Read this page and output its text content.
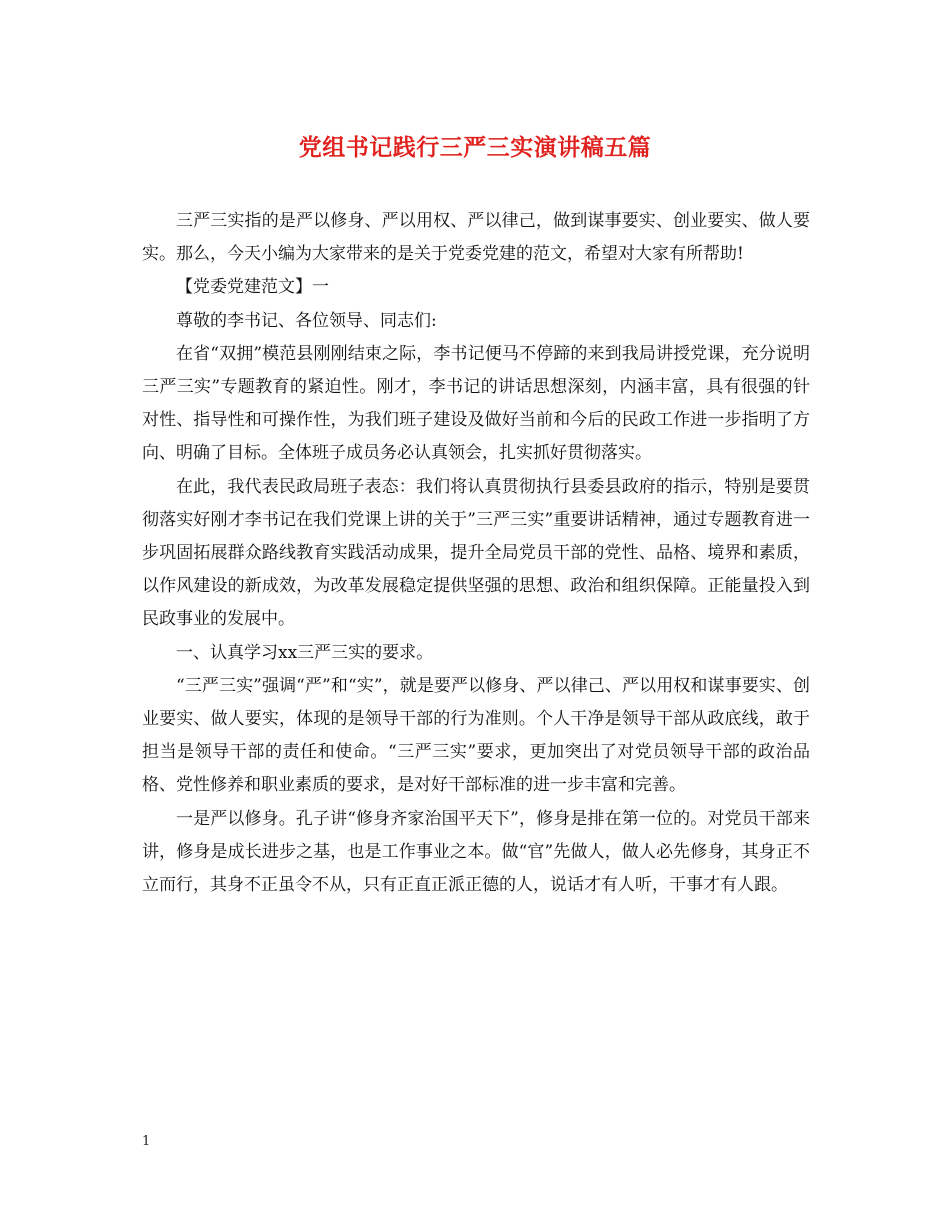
党组书记践行三严三实演讲稿五篇

三严三实指的是严以修身、严以用权、严以律己，做到谋事要实、创业要实、做人要实。那么，今天小编为大家带来的是关于党委党建的范文，希望对大家有所帮助!

【党委党建范文】一

尊敬的李书记、各位领导、同志们:

在省“双拥”模范县刚刚结束之际，李书记便马不停蹄的来到我局讲授党课，充分说明三严三实”专题教育的紧迫性。刚才，李书记的讲话思想深刻，内涵丰富，具有很强的针对性、指导性和可操作性，为我们班子建设及做好当前和今后的民政工作进一步指明了方向、明确了目标。全体班子成员务必认真领会，扎实抓好贯彻落实。

在此，我代表民政局班子表态：我们将认真贯彻执行县委县政府的指示，特别是要贯彻落实好刚才李书记在我们党课上讲的关于”三严三实”重要讲话精神，通过专题教育进一步巩固拓展群众路线教育实践活动成果，提升全局党员干部的党性、品格、境界和素质，以作风建设的新成效，为改革发展稳定提供坚强的思想、政治和组织保障。正能量投入到民政事业的发展中。

一、认真学习xx三严三实的要求。

“三严三实”强调“严”和“实”，就是要严以修身、严以律己、严以用权和谋事要实、创业要实、做人要实，体现的是领导干部的行为准则。个人干净是领导干部从政底线，敢于担当是领导干部的责任和使命。“三严三实”要求，更加突出了对党员领导干部的政治品格、党性修养和职业素质的要求，是对好干部标准的进一步丰富和完善。

一是严以修身。孔子讲“修身齐家治国平天下”，修身是排在第一位的。对党员干部来讲，修身是成长进步之基，也是工作事业之本。做“官”先做人，做人必先修身，其身正不立而行，其身不正虽令不从，只有正直正派正德的人，说话才有人听，干事才有人跟。

1
